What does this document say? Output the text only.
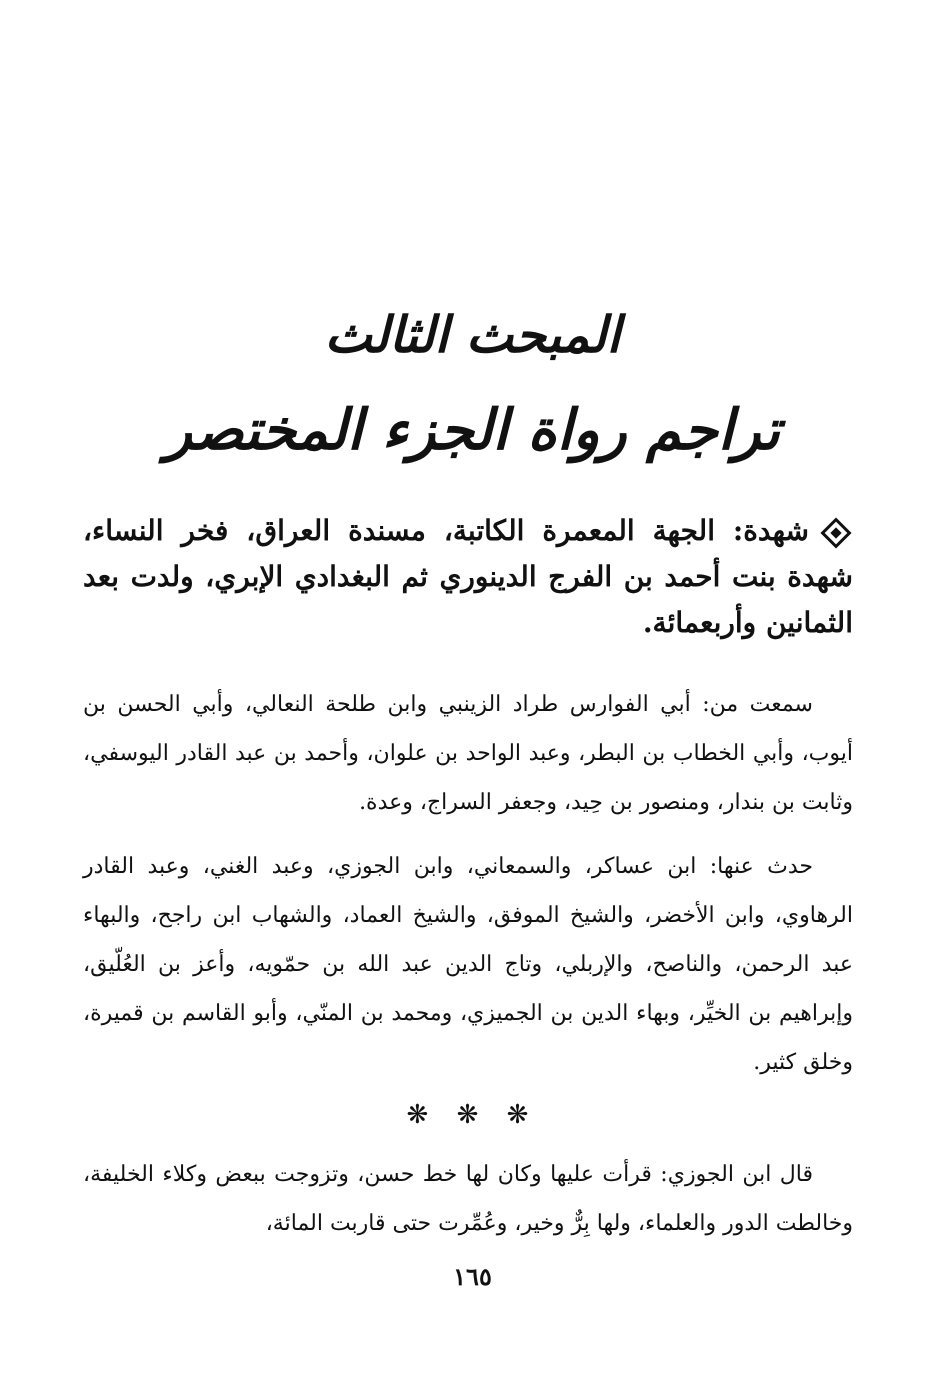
المبحث الثالث
تراجم رواة الجزء المختصر

شهدة: الجهة المعمرة الكاتبة، مسندة العراق، فخر النساء، شهدة بنت أحمد بن الفرج الدينوري ثم البغدادي الإبري، ولدت بعد الثمانين وأربعمائة.

سمعت من: أبي الفوارس طراد الزينبي وابن طلحة النعالي، وأبي الحسن بن أيوب، وأبي الخطاب بن البطر، وعبد الواحد بن علوان، وأحمد بن عبد القادر اليوسفي، وثابت بن بندار، ومنصور بن حِيد، وجعفر السراج، وعدة.

حدث عنها: ابن عساكر، والسمعاني، وابن الجوزي، وعبد الغني، وعبد القادر الرهاوي، وابن الأخضر، والشيخ الموفق، والشيخ العماد، والشهاب ابن راجح، والبهاء عبد الرحمن، والناصح، والإربلي، وتاج الدين عبد الله بن حمّويه، وأعز بن العُلّيق، وإبراهيم بن الخيِّر، وبهاء الدين بن الجميزي، ومحمد بن المنّي، وأبو القاسم بن قميرة، وخلق كثير.

❋ ❋ ❋

قال ابن الجوزي: قرأت عليها وكان لها خط حسن، وتزوجت ببعض وكلاء الخليفة، وخالطت الدور والعلماء، ولها بِرٌّ وخير، وعُمِّرت حتى قاربت المائة،

١٦٥
